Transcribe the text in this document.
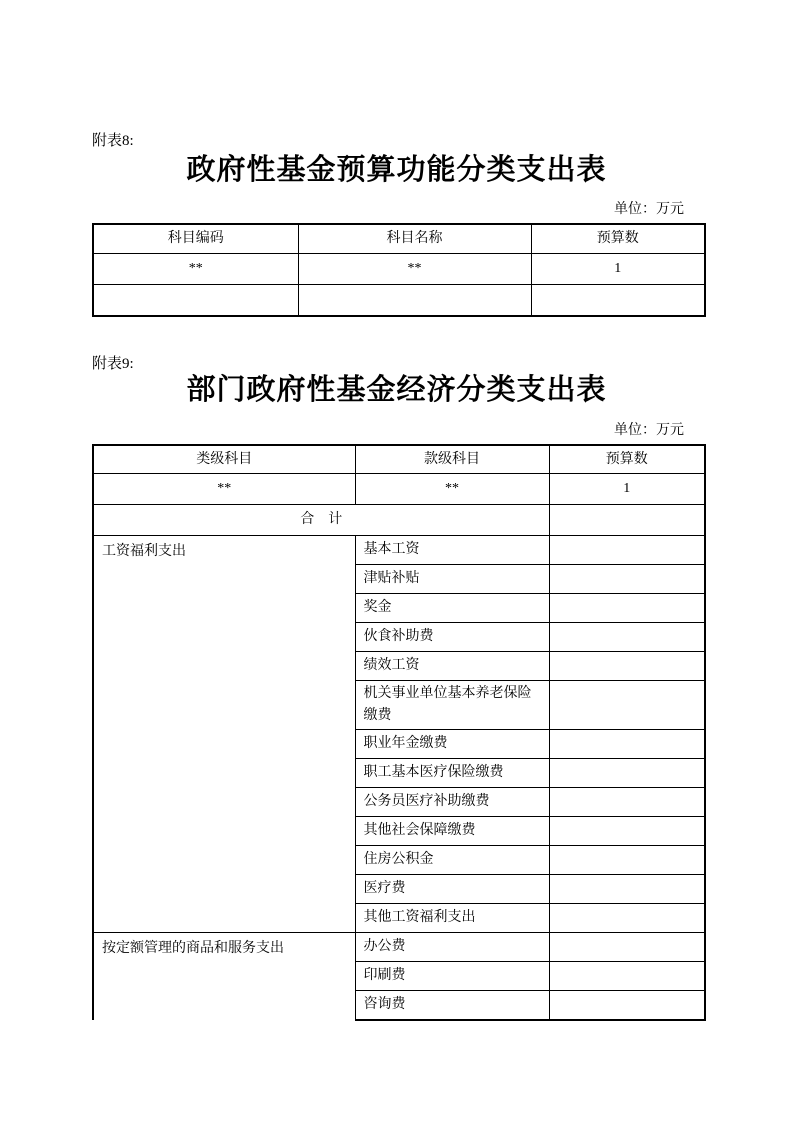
附表8:
政府性基金预算功能分类支出表
单位：万元
科目编码	科目名称	预算数
**	**	1

附表9:
部门政府性基金经济分类支出表
单位：万元
类级科目	款级科目	预算数
**	**	1
合　计		
工资福利支出	基本工资	
	津贴补贴	
	奖金	
	伙食补助费	
	绩效工资	
	机关事业单位基本养老保险缴费	
	职业年金缴费	
	职工基本医疗保险缴费	
	公务员医疗补助缴费	
	其他社会保障缴费	
	住房公积金	
	医疗费	
	其他工资福利支出	
按定额管理的商品和服务支出	办公费	
	印刷费	
	咨询费	
